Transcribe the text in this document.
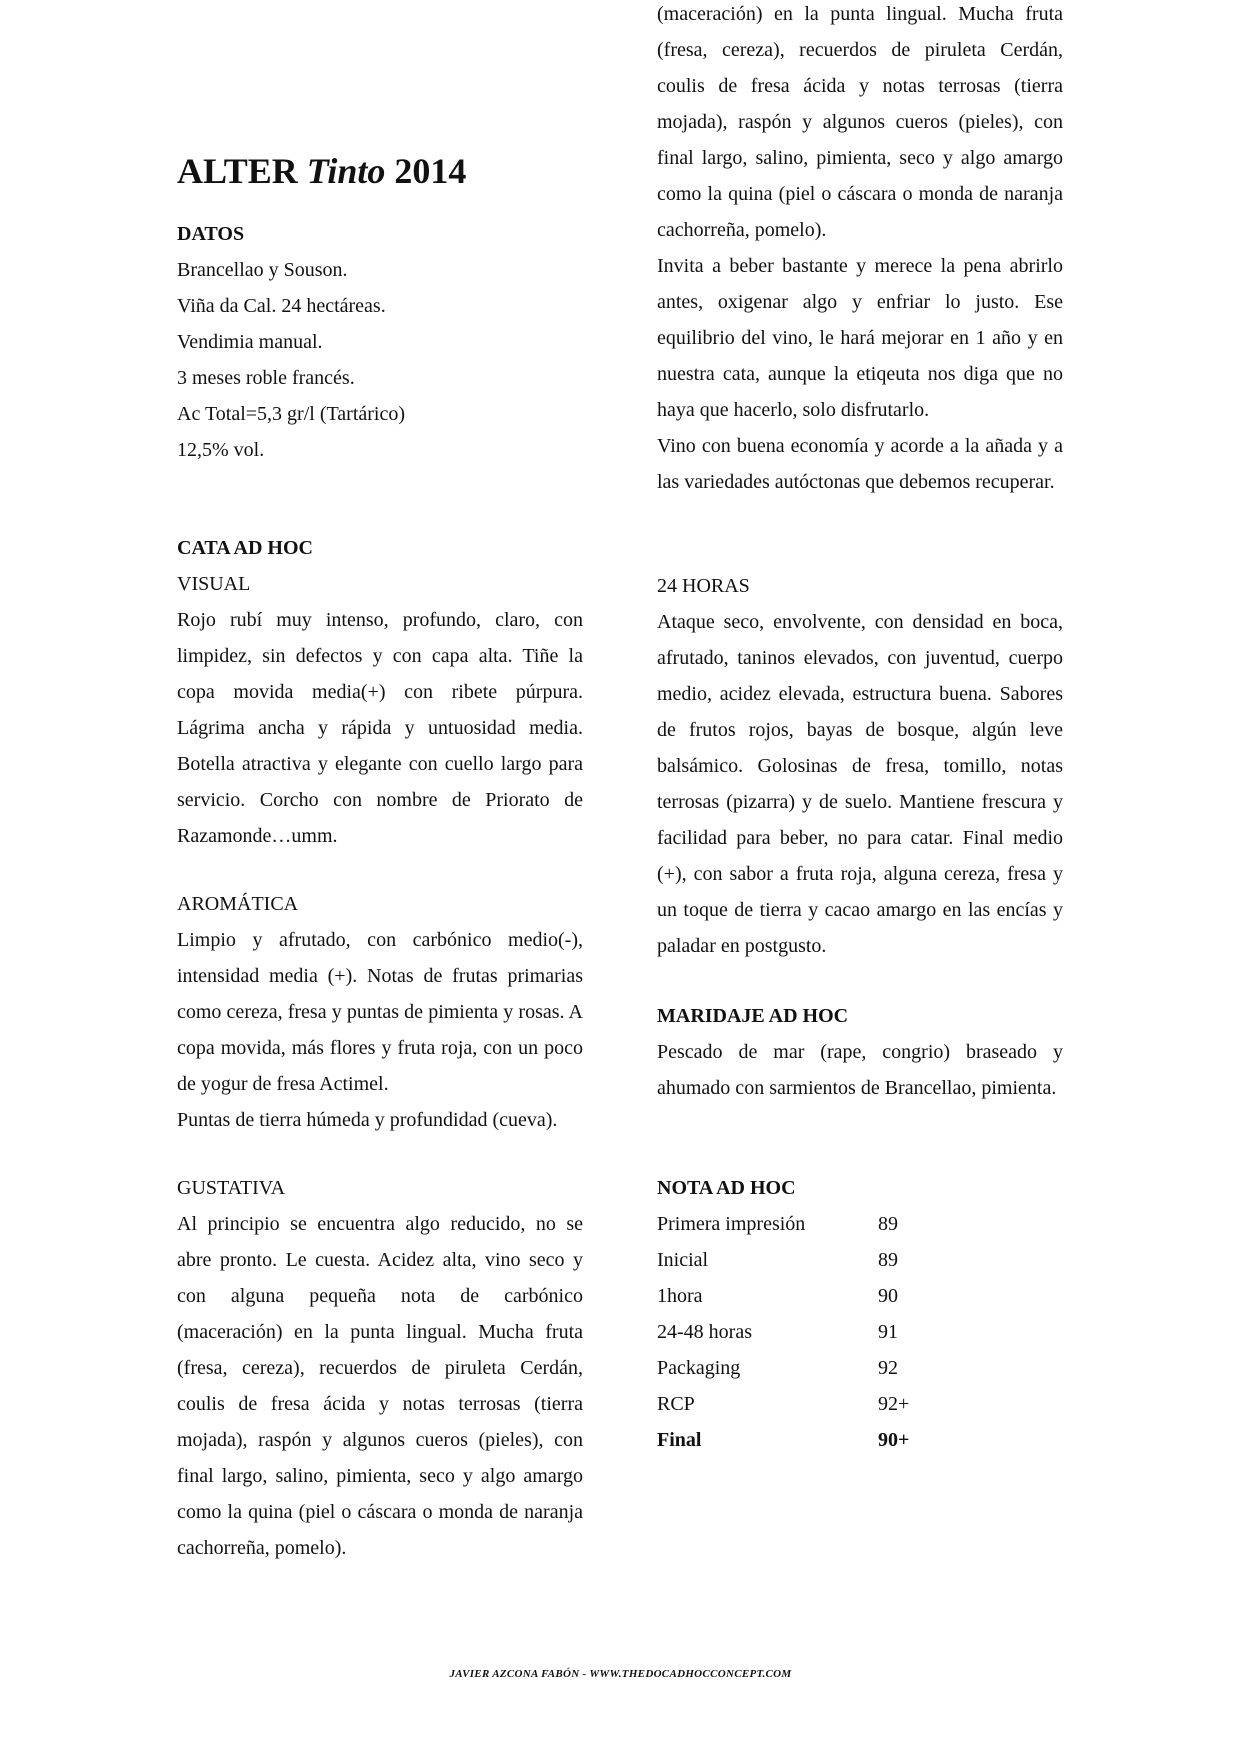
ALTER Tinto 2014
DATOS
Brancellao y Souson.
Viña da Cal. 24 hectáreas.
Vendimia manual.
3 meses roble francés.
Ac Total=5,3 gr/l (Tartárico)
12,5% vol.
CATA AD HOC
VISUAL
Rojo rubí muy intenso, profundo, claro, con limpidez, sin defectos y con capa alta. Tiñe la copa movida media(+) con ribete púrpura. Lágrima ancha y rápida y untuosidad media. Botella atractiva y elegante con cuello largo para servicio. Corcho con nombre de Priorato de Razamonde…umm.
AROMÁTICA
Limpio y afrutado, con carbónico medio(-), intensidad media (+). Notas de frutas primarias como cereza, fresa y puntas de pimienta y rosas. A copa movida, más flores y fruta roja, con un poco de yogur de fresa Actimel.
Puntas de tierra húmeda y profundidad (cueva).
GUSTATIVA
Al principio se encuentra algo reducido, no se abre pronto. Le cuesta. Acidez alta, vino seco y con alguna pequeña nota de carbónico (maceración) en la punta lingual. Mucha fruta (fresa, cereza), recuerdos de piruleta Cerdán, coulis de fresa ácida y notas terrosas (tierra mojada), raspón y algunos cueros (pieles), con final largo, salino, pimienta, seco y algo amargo como la quina (piel o cáscara o monda de naranja cachorreña, pomelo).
(maceración) en la punta lingual. Mucha fruta (fresa, cereza), recuerdos de piruleta Cerdán, coulis de fresa ácida y notas terrosas (tierra mojada), raspón y algunos cueros (pieles), con final largo, salino, pimienta, seco y algo amargo como la quina (piel o cáscara o monda de naranja cachorreña, pomelo).
Invita a beber bastante y merece la pena abrirlo antes, oxigenar algo y enfriar lo justo. Ese equilibrio del vino, le hará mejorar en 1 año y en nuestra cata, aunque la etiqeuta nos diga que no haya que hacerlo, solo disfrutarlo.
Vino con buena economía y acorde a la añada y a las variedades autóctonas que debemos recuperar.
24 HORAS
Ataque seco, envolvente, con densidad en boca, afrutado, taninos elevados, con juventud, cuerpo medio, acidez elevada, estructura buena. Sabores de frutos rojos, bayas de bosque, algún leve balsámico. Golosinas de fresa, tomillo, notas terrosas (pizarra) y de suelo. Mantiene frescura y facilidad para beber, no para catar. Final medio (+), con sabor a fruta roja, alguna cereza, fresa y un toque de tierra y cacao amargo en las encías y paladar en postgusto.
MARIDAJE AD HOC
Pescado de mar (rape, congrio) braseado y ahumado con sarmientos de Brancellao, pimienta.
NOTA AD HOC
Primera impresión	89
Inicial	89
1hora	90
24-48 horas	91
Packaging	92
RCP	92+
Final	90+
JAVIER AZCONA FABÓN - WWW.THEDOCADHOCCONCEPT.COM
